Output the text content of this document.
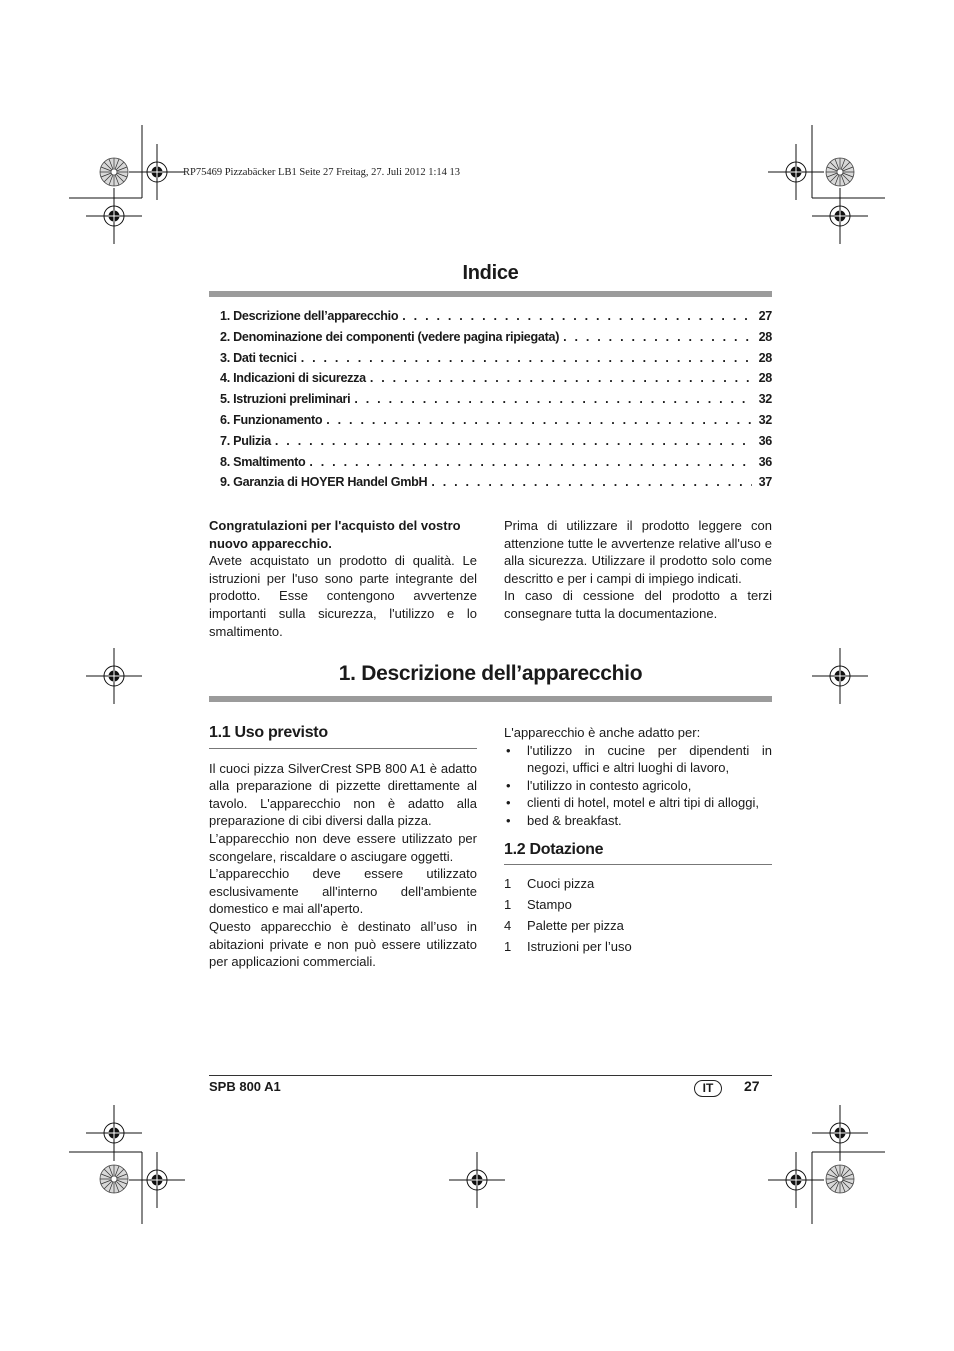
RP75469 Pizzabäcker LB1 Seite 27 Freitag, 27. Juli 2012 1:14 13
Indice
1. Descrizione dell’apparecchio . . .	27
2. Denominazione dei componenti (vedere pagina ripiegata) . . .	28
3. Dati tecnici . . .	28
4. Indicazioni di sicurezza . . .	28
5. Istruzioni preliminari . . .	32
6. Funzionamento . . .	32
7. Pulizia . . .	36
8. Smaltimento . . .	36
9. Garanzia di HOYER Handel GmbH . . .	37

Congratulazioni per l'acquisto del vostro nuovo apparecchio.

Avete acquistato un prodotto di qualità. Le istruzioni per l'uso sono parte integrante del prodotto. Esse contengono avvertenze importanti sulla sicurezza, l'utilizzo e lo smaltimento.

Prima di utilizzare il prodotto leggere con attenzione tutte le avvertenze relative all'uso e alla sicurezza. Utilizzare il prodotto solo come descritto e per i campi di impiego indicati.

In caso di cessione del prodotto a terzi consegnare tutta la documentazione.

1. Descrizione dell’apparecchio
1.1 Uso previsto

Il cuoci pizza SilverCrest SPB 800 A1 è adatto alla preparazione di pizzette direttamente al tavolo. L'apparecchio non è adatto alla preparazione di cibi diversi dalla pizza.

L’apparecchio non deve essere utilizzato per scongelare, riscaldare o asciugare oggetti.

L’apparecchio deve essere utilizzato esclusivamente all'interno dell'ambiente domestico e mai all'aperto.

Questo apparecchio è destinato all’uso in abitazioni private e non può essere utilizzato per applicazioni commerciali.

L'apparecchio è anche adatto per:

• l'utilizzo in cucine per dipendenti in negozi, uffici e altri luoghi di lavoro,
• l'utilizzo in contesto agricolo,
• clienti di hotel, motel e altri tipi di alloggi,
• bed & breakfast.
1.2 Dotazione
1	Cuoci pizza
1	Stampo
4	Palette per pizza
1	Istruzioni per l’uso
SPB 800 A1	IT	27
